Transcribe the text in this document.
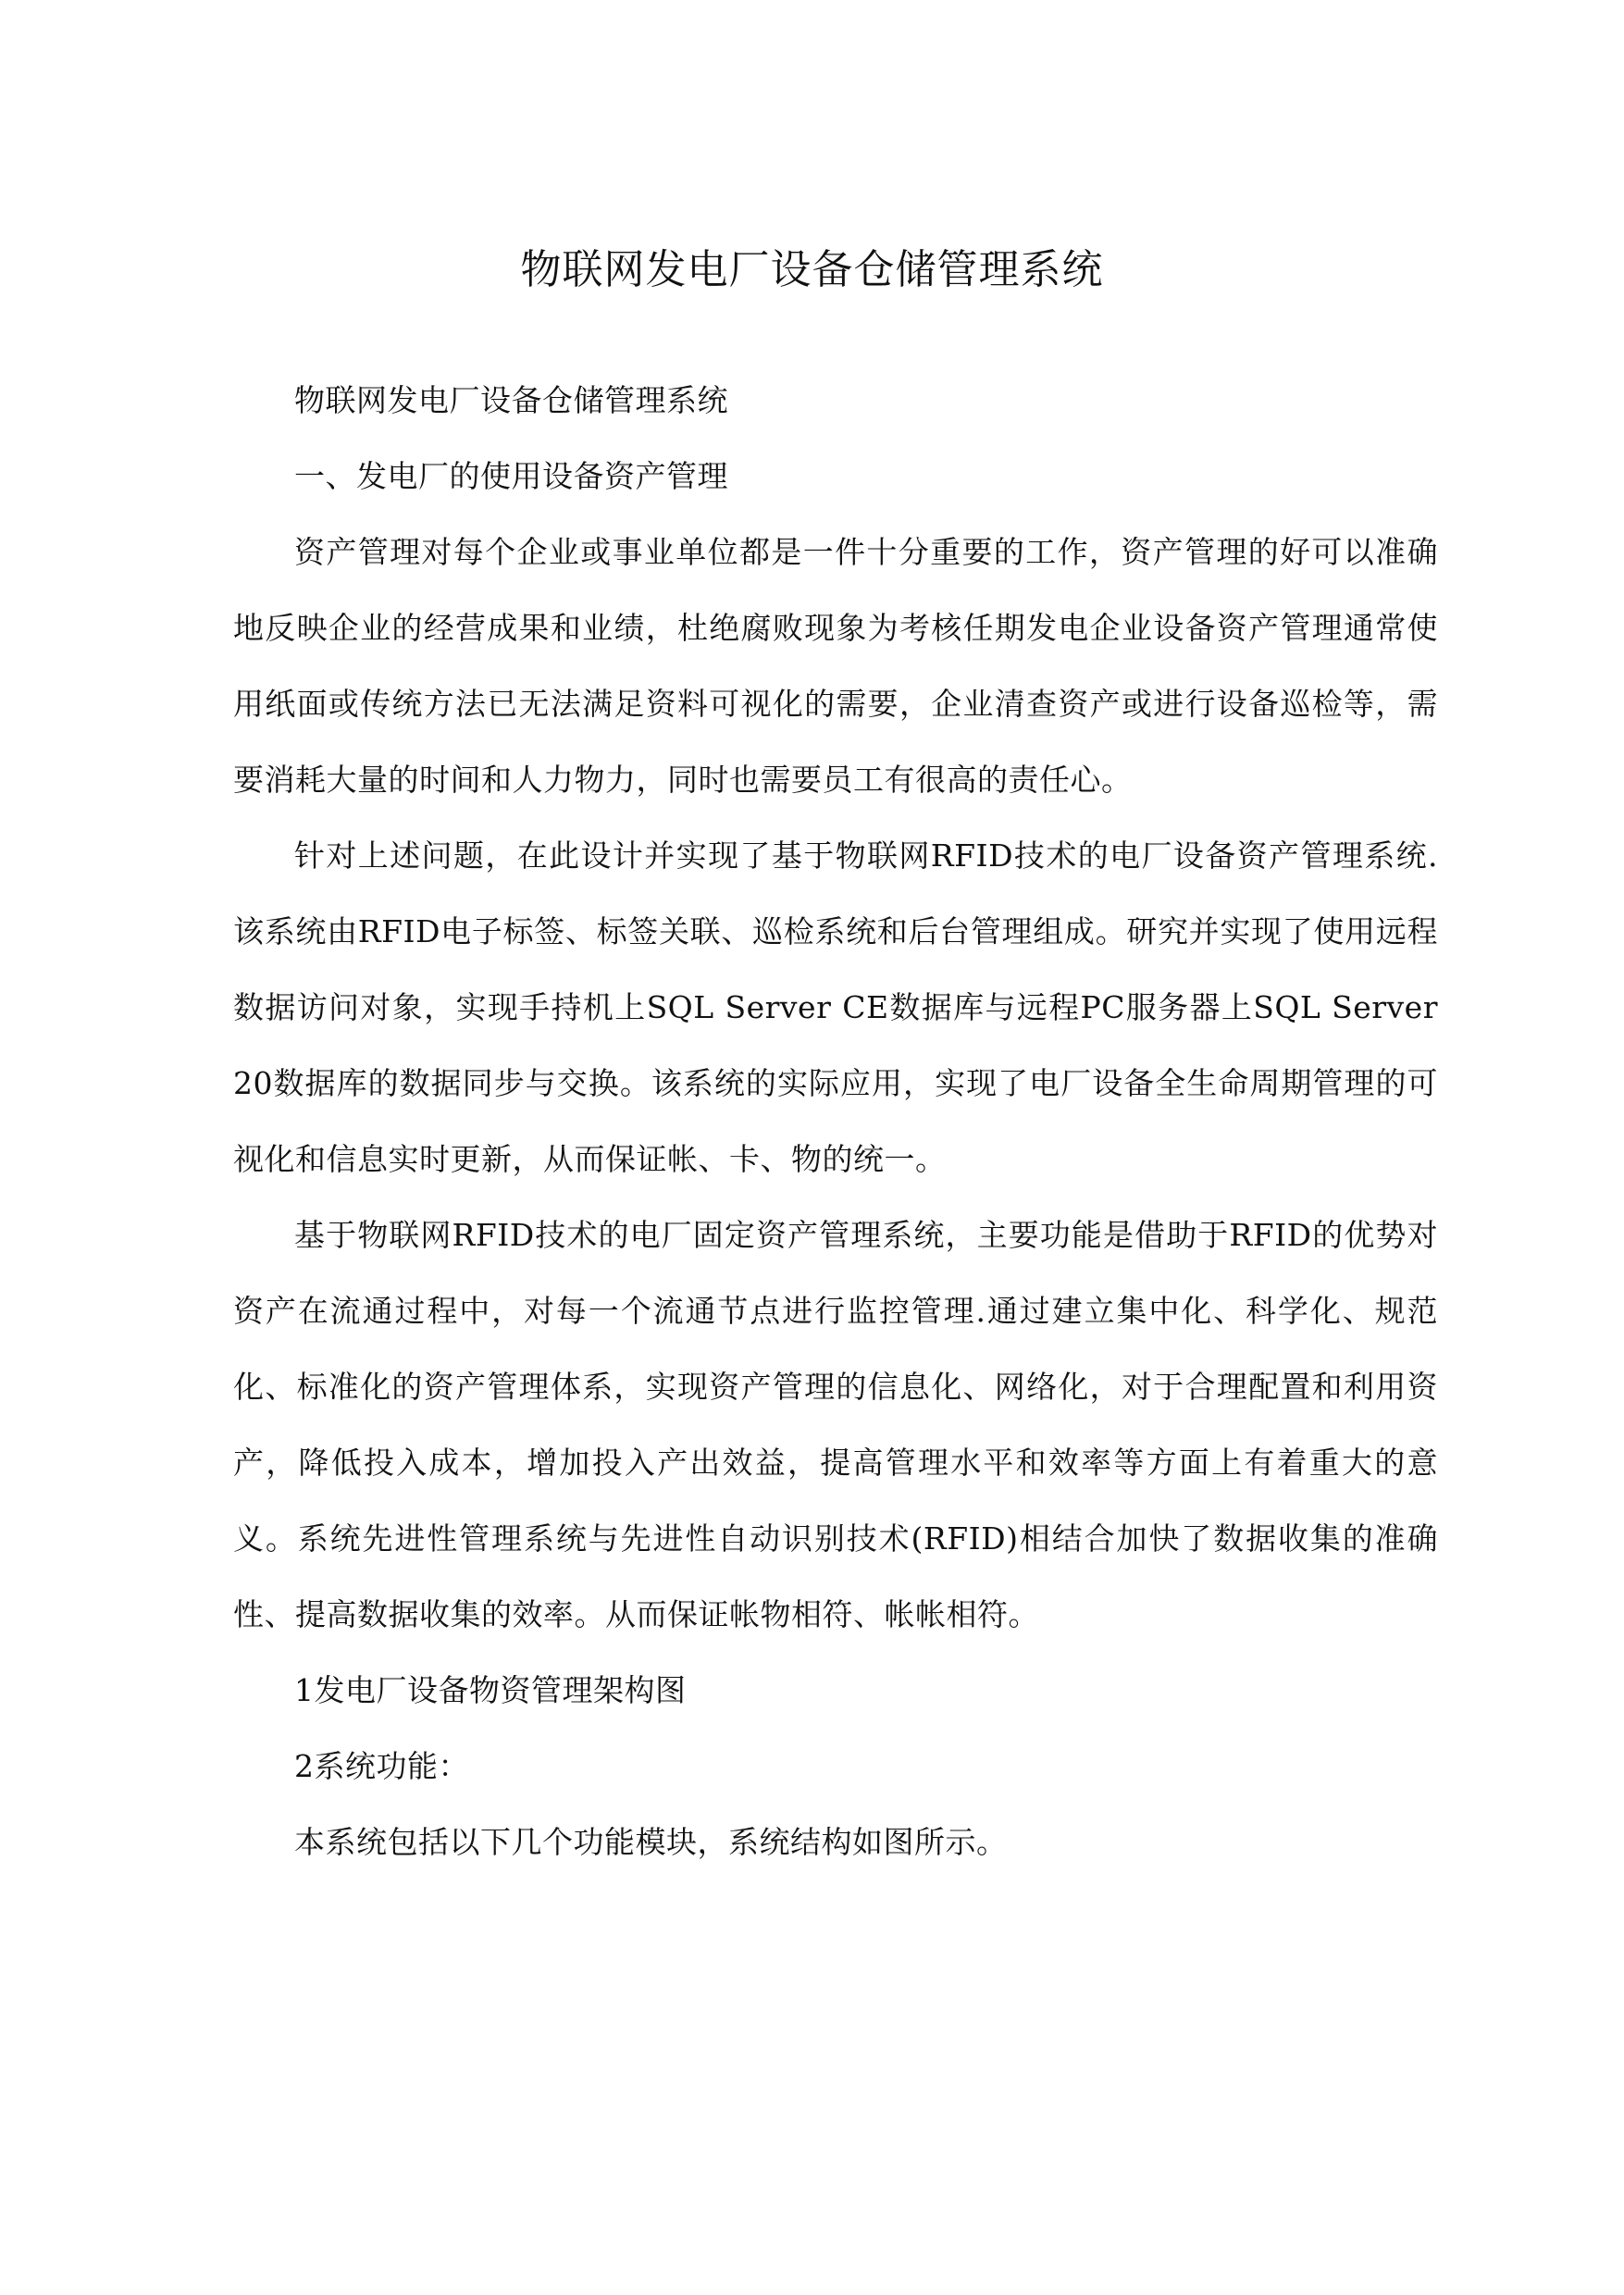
物联网发电厂设备仓储管理系统

物联网发电厂设备仓储管理系统

一、发电厂的使用设备资产管理

资产管理对每个企业或事业单位都是一件十分重要的工作，资产管理的好可以准确地反映企业的经营成果和业绩，杜绝腐败现象为考核任期发电企业设备资产管理通常使用纸面或传统方法已无法满足资料可视化的需要，企业清查资产或进行设备巡检等，需要消耗大量的时间和人力物力，同时也需要员工有很高的责任心。

针对上述问题，在此设计并实现了基于物联网RFID技术的电厂设备资产管理系统.该系统由RFID电子标签、标签关联、巡检系统和后台管理组成。研究并实现了使用远程数据访问对象，实现手持机上SQL Server CE数据库与远程PC服务器上SQL Server 20数据库的数据同步与交换。该系统的实际应用，实现了电厂设备全生命周期管理的可视化和信息实时更新，从而保证帐、卡、物的统一。

基于物联网RFID技术的电厂固定资产管理系统，主要功能是借助于RFID的优势对资产在流通过程中，对每一个流通节点进行监控管理.通过建立集中化、科学化、规范化、标准化的资产管理体系，实现资产管理的信息化、网络化，对于合理配置和利用资产，降低投入成本，增加投入产出效益，提高管理水平和效率等方面上有着重大的意义。系统先进性管理系统与先进性自动识别技术(RFID)相结合加快了数据收集的准确性、提高数据收集的效率。从而保证帐物相符、帐帐相符。

1发电厂设备物资管理架构图

2系统功能：

本系统包括以下几个功能模块，系统结构如图所示。
